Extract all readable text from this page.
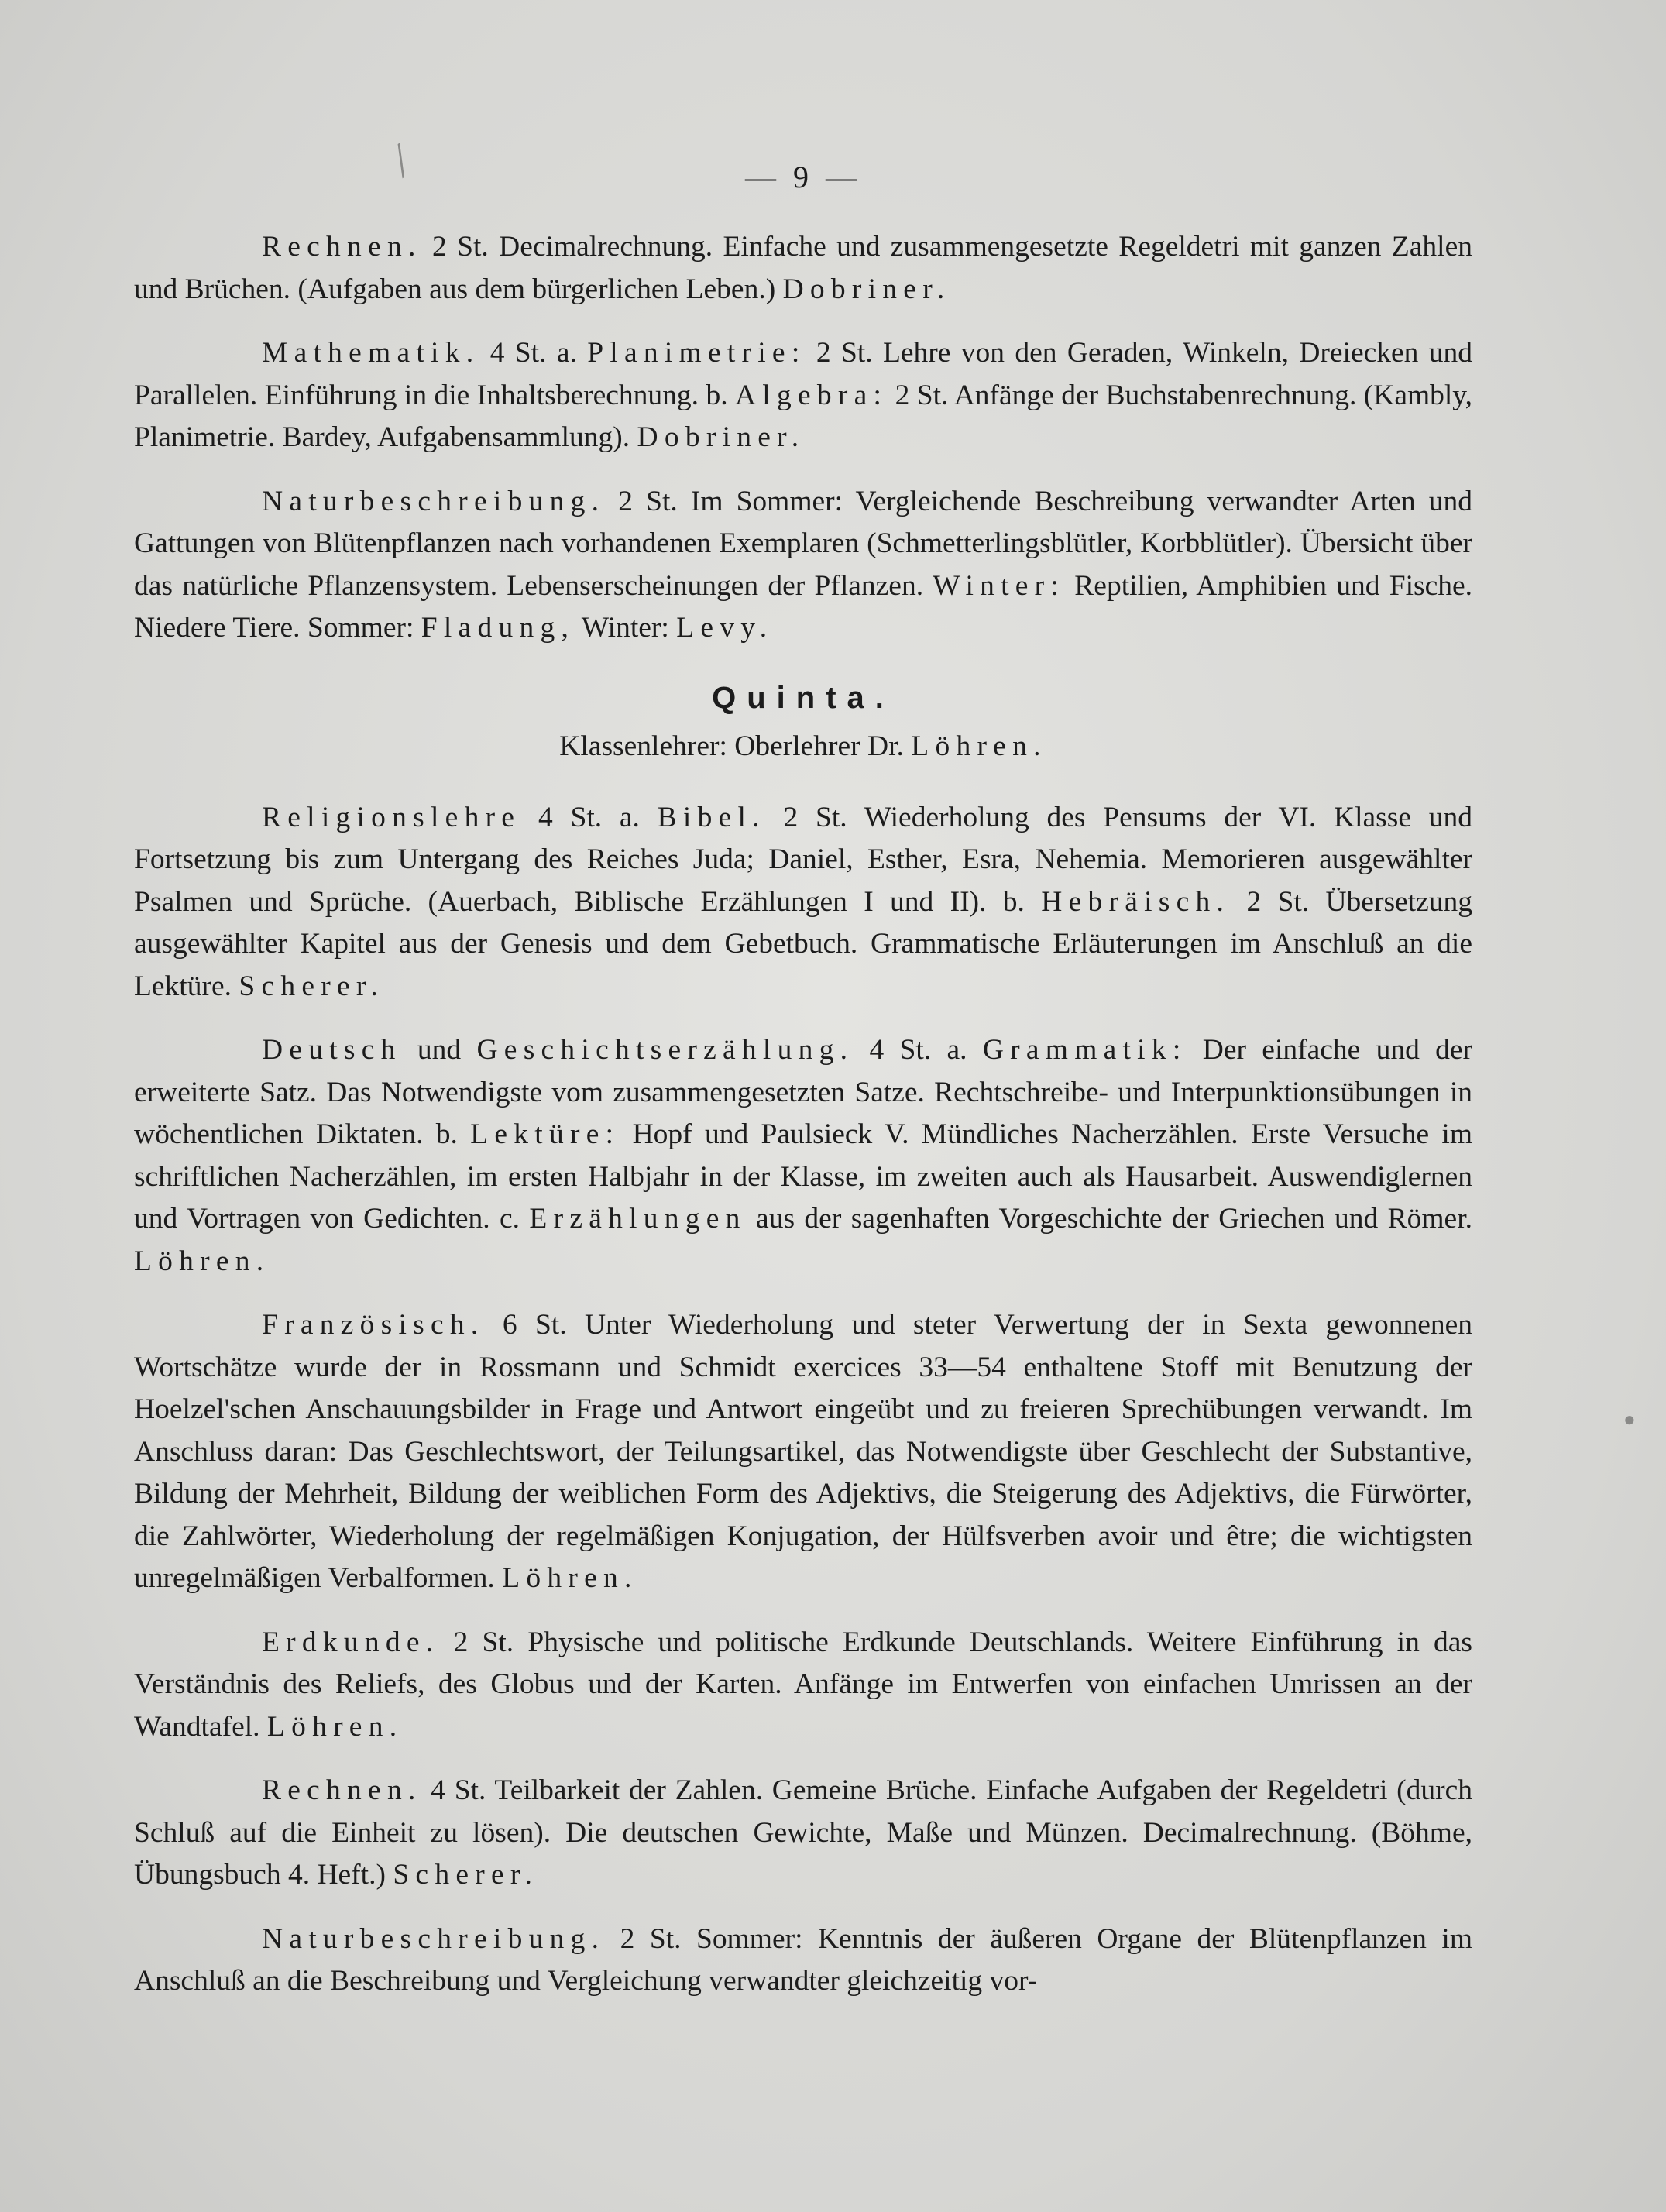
╱
●
— 9 —

Rechnen. 2 St. Decimalrechnung. Einfache und zusammengesetzte Regeldetri mit ganzen Zahlen und Brüchen. (Aufgaben aus dem bürgerlichen Leben.) Dobriner.

Mathematik. 4 St. a. Planimetrie: 2 St. Lehre von den Geraden, Winkeln, Dreiecken und Parallelen. Einführung in die Inhaltsberechnung. b. Algebra: 2 St. Anfänge der Buchstabenrechnung. (Kambly, Planimetrie. Bardey, Aufgabensammlung). Dobriner.

Naturbeschreibung. 2 St. Im Sommer: Vergleichende Beschreibung verwandter Arten und Gattungen von Blütenpflanzen nach vorhandenen Exemplaren (Schmetterlingsblütler, Korbblütler). Übersicht über das natürliche Pflanzensystem. Lebenserscheinungen der Pflanzen. Winter: Reptilien, Amphibien und Fische. Niedere Tiere. Sommer: Fladung, Winter: Levy.

Quinta.
Klassenlehrer: Oberlehrer Dr. Löhren.

Religionslehre 4 St. a. Bibel. 2 St. Wiederholung des Pensums der VI. Klasse und Fortsetzung bis zum Untergang des Reiches Juda; Daniel, Esther, Esra, Nehemia. Memorieren ausgewählter Psalmen und Sprüche. (Auerbach, Biblische Erzählungen I und II). b. Hebräisch. 2 St. Übersetzung ausgewählter Kapitel aus der Genesis und dem Gebetbuch. Grammatische Erläuterungen im Anschluß an die Lektüre. Scherer.

Deutsch und Geschichtserzählung. 4 St. a. Grammatik: Der einfache und der erweiterte Satz. Das Notwendigste vom zusammengesetzten Satze. Rechtschreibe- und Interpunktionsübungen in wöchentlichen Diktaten. b. Lektüre: Hopf und Paulsieck V. Mündliches Nacherzählen. Erste Versuche im schriftlichen Nacherzählen, im ersten Halbjahr in der Klasse, im zweiten auch als Hausarbeit. Auswendiglernen und Vortragen von Gedichten. c. Erzählungen aus der sagenhaften Vorgeschichte der Griechen und Römer. Löhren.

Französisch. 6 St. Unter Wiederholung und steter Verwertung der in Sexta gewonnenen Wortschätze wurde der in Rossmann und Schmidt exercices 33—54 enthaltene Stoff mit Benutzung der Hoelzel'schen Anschauungsbilder in Frage und Antwort eingeübt und zu freieren Sprechübungen verwandt. Im Anschluss daran: Das Geschlechtswort, der Teilungsartikel, das Notwendigste über Geschlecht der Substantive, Bildung der Mehrheit, Bildung der weiblichen Form des Adjektivs, die Steigerung des Adjektivs, die Fürwörter, die Zahlwörter, Wiederholung der regelmäßigen Konjugation, der Hülfsverben avoir und être; die wichtigsten unregelmäßigen Verbalformen. Löhren.

Erdkunde. 2 St. Physische und politische Erdkunde Deutschlands. Weitere Einführung in das Verständnis des Reliefs, des Globus und der Karten. Anfänge im Entwerfen von einfachen Umrissen an der Wandtafel. Löhren.

Rechnen. 4 St. Teilbarkeit der Zahlen. Gemeine Brüche. Einfache Aufgaben der Regeldetri (durch Schluß auf die Einheit zu lösen). Die deutschen Gewichte, Maße und Münzen. Decimalrechnung. (Böhme, Übungsbuch 4. Heft.) Scherer.

Naturbeschreibung. 2 St. Sommer: Kenntnis der äußeren Organe der Blütenpflanzen im Anschluß an die Beschreibung und Vergleichung verwandter gleichzeitig vor-
